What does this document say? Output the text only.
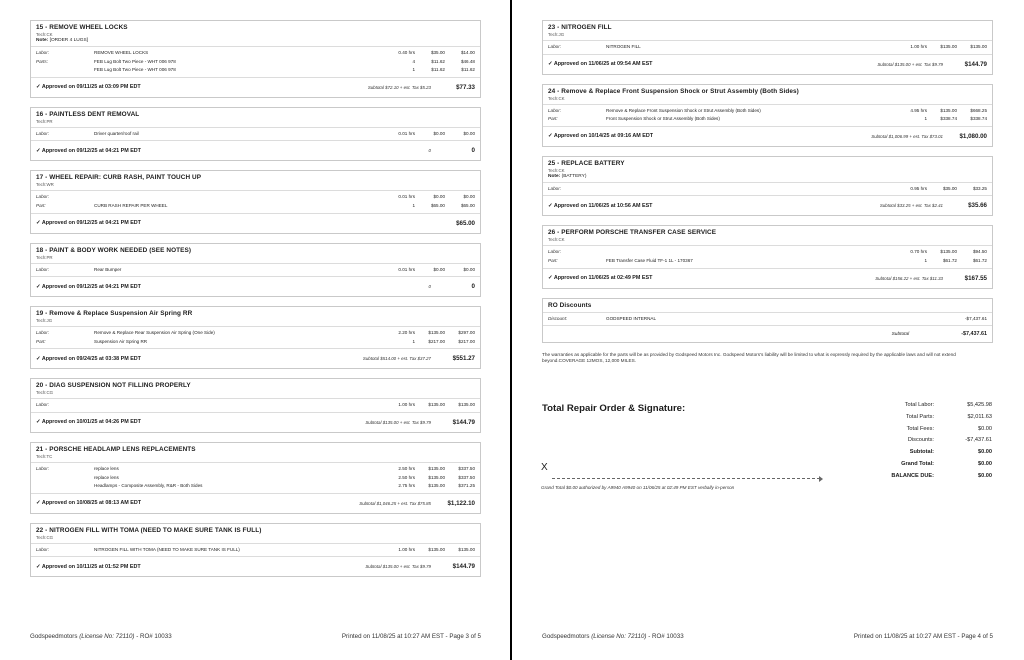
15 - REMOVE WHEEL LOCKS
Tech:CK
Note: [ORDER 4 LUGS]
Labor:	REMOVE WHEEL LOCKS	0.40 hrs	$35.00	$14.00
Parts:	FEB Lug Bolt Two Piece - WHT 006 978	4	$11.62	$46.48
FEB Lug Bolt Two Piece - WHT 006 978	1	$11.62	$11.62
✓ Approved on 09/11/25 at 03:09 PM EDT	Subtotal $72.10 + est. Tax $5.23	$77.33
16 - PAINTLESS DENT REMOVAL
Tech:PR
Labor:	Driver quarter/roof rail	0.01 hrs	$0.00	$0.00
✓ Approved on 09/12/25 at 04:21 PM EDT	0	0
17 - WHEEL REPAIR: CURB RASH, PAINT TOUCH UP
Tech:WR
Labor:	0.01 hrs	$0.00	$0.00
Part:	CURB RASH REPAIR PER WHEEL	1	$65.00	$65.00
✓ Approved on 09/12/25 at 04:21 PM EDT	$65.00
18 - PAINT & BODY WORK NEEDED (SEE NOTES)
Tech:PR
Labor:	Rear Bumper	0.01 hrs	$0.00	$0.00
✓ Approved on 09/12/25 at 04:21 PM EDT	0	0
19 - Remove & Replace Suspension Air Spring RR
Tech:JG
Labor:	Remove & Replace Rear Suspension Air Spring (One Side)	2.20 hrs	$135.00	$297.00
Part:	Suspension Air Spring RR	1	$217.00	$217.00
✓ Approved on 09/24/25 at 03:38 PM EDT	Subtotal $514.00 + est. Tax $37.27	$551.27
20 - DIAG SUSPENSION NOT FILLING PROPERLY
Tech:CG
Labor:	1.00 hrs	$135.00	$135.00
✓ Approved on 10/01/25 at 04:26 PM EDT	Subtotal $135.00 + est. Tax $9.79	$144.79
21 - PORSCHE HEADLAMP LENS REPLACEMENTS
Tech:TC
Labor:	replace lens	2.50 hrs	$135.00	$337.50
replace lens	2.50 hrs	$135.00	$337.50
Headlamps - Composite Assembly, R&R - Both Sides	2.75 hrs	$135.00	$371.25
✓ Approved on 10/08/25 at 08:13 AM EDT	Subtotal $1,046.25 + est. Tax $75.85	$1,122.10
22 - NITROGEN FILL WITH TOMA (NEED TO MAKE SURE TANK IS FULL)
Tech:CG
Labor:	NITROGEN FILL WITH TOMA (NEED TO MAKE SURE TANK IS FULL)	1.00 hrs	$135.00	$135.00
✓ Approved on 10/11/25 at 01:52 PM EDT	Subtotal $135.00 + est. Tax $9.79	$144.79
Godspeedmotors (License No: 72110) - RO# 10033	Printed on 11/08/25 at 10:27 AM EST - Page 3 of 5
23 - NITROGEN FILL
Tech:JG
Labor:	NITROGEN FILL	1.00 hrs	$135.00	$135.00
✓ Approved on 11/06/25 at 09:54 AM EST	Subtotal $135.00 + est. Tax $9.79	$144.79
24 - Remove & Replace Front Suspension Shock or Strut Assembly (Both Sides)
Tech:CK
Labor:	Remove & Replace Front Suspension Shock or Strut Assembly (Both Sides)	4.95 hrs	$135.00	$668.25
Part:	Front Suspension Shock or Strut Assembly (Both Sides)	1	$338.74	$338.74
✓ Approved on 10/14/25 at 09:16 AM EDT	Subtotal $1,006.99 + est. Tax $73.01	$1,080.00
25 - REPLACE BATTERY
Tech:CK
Note: (BATTERY)
Labor:	0.95 hrs	$35.00	$33.25
✓ Approved on 11/06/25 at 10:56 AM EST	Subtotal $33.25 + est. Tax $2.41	$35.66
26 - PERFORM PORSCHE TRANSFER CASE SERVICE
Tech:CK
Labor:	0.70 hrs	$135.00	$94.50
Part:	FEB Transfer Case Fluid TF-1 1L - 170367	1	$61.72	$61.72
✓ Approved on 11/06/25 at 02:49 PM EST	Subtotal $156.22 + est. Tax $11.33	$167.55
RO Discounts
Discount:	GODSPEED INTERNAL	-$7,437.61
Subtotal	-$7,437.61
The warranties as applicable for the parts will be as provided by Godspeed Motors Inc. Godspeed Motors's liability will be limited to what is expressly required by the applicable laws and will not extend beyond.COVERAGE 12MOS, 12,000 MILES.
Total Repair Order & Signature:	Total Labor:	$5,425.98
Total Parts:	$2,011.63
Total Fees:	$0.00
Discounts:	-$7,437.61
Subtotal:	$0.00
Grand Total:	$0.00
BALANCE DUE:	$0.00
X
Grand Total $0.00 authorized by A9940 A9940 on 11/06/25 at 02:49 PM EST verbally in-person
Godspeedmotors (License No: 72110) - RO# 10033	Printed on 11/08/25 at 10:27 AM EST - Page 4 of 5
